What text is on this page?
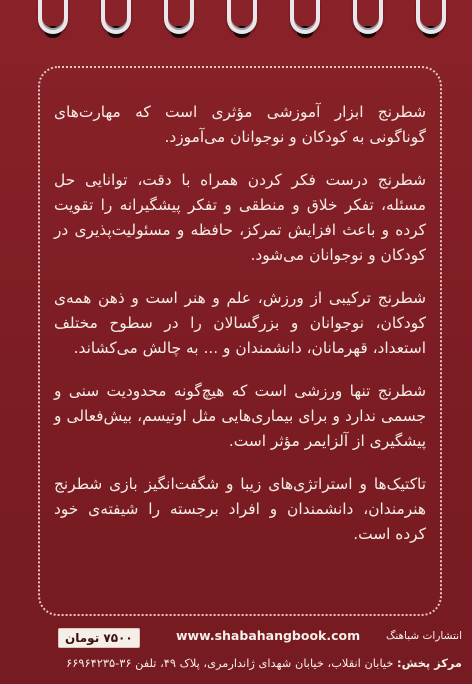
شطرنج ابزار آموزشی مؤثری است که مهارت‌های گوناگونی به کودکان و نوجوانان می‌آموزد.

شطرنج درست فکر کردن همراه با دقت، توانایی حل مسئله، تفکر خلاق و منطقی و تفکر پیشگیرانه را تقویت کرده و باعث افزایش تمرکز، حافظه و مسئولیت‌پذیری در کودکان و نوجوانان می‌شود.

شطرنج ترکیبی از ورزش، علم و هنر است و ذهن همه‌ی کودکان، نوجوانان و بزرگسالان را در سطوح مختلف استعداد، قهرمانان، دانشمندان و ... به چالش می‌کشاند.

شطرنج تنها ورزشی است که هیچ‌گونه محدودیت سنی و جسمی ندارد و برای بیماری‌هایی مثل اوتیسم، بیش‌فعالی و پیشگیری از آلزایمر مؤثر است.

تاکتیک‌ها و استراتژی‌های زیبا و شگفت‌انگیز بازی شطرنج هنرمندان، دانشمندان و افراد برجسته را شیفته‌ی خود کرده است.

۷۵۰۰ تومان	www.shabahangbook.com انتشارات شباهنگ
مرکز پخش: خیابان انقلاب، خیابان شهدای ژاندارمری، پلاک ۴۹، تلفن ۳۶-۶۶۹۶۴۲۳۵
